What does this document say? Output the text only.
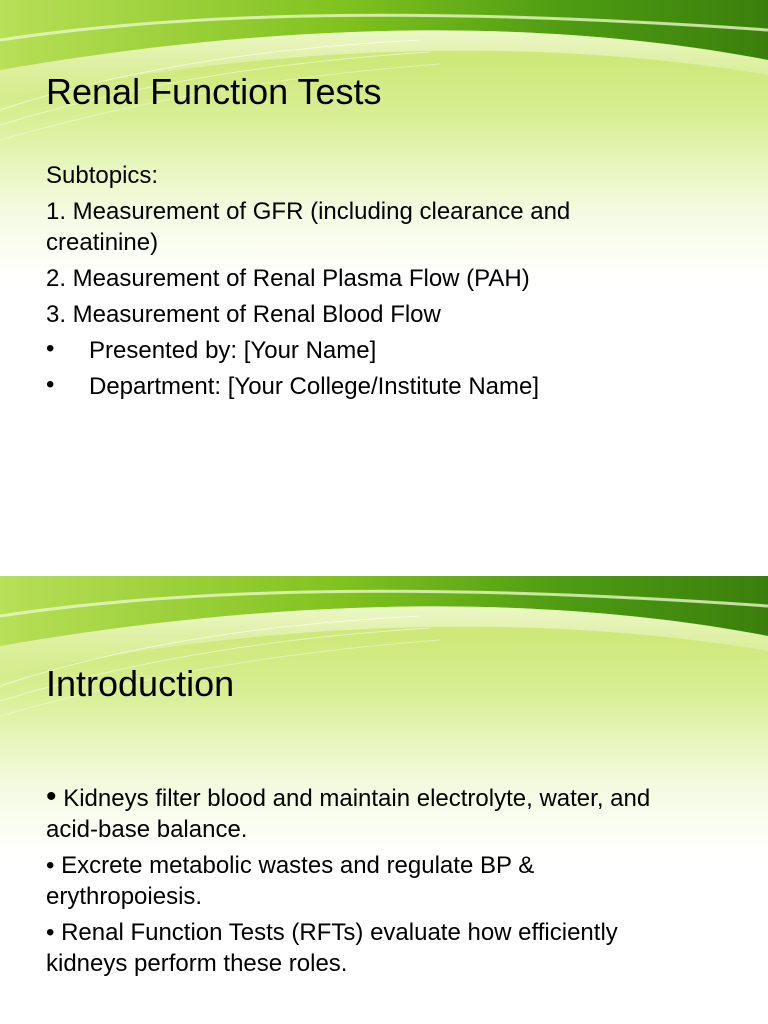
Renal Function Tests

Subtopics:

1. Measurement of GFR (including clearance and creatinine)

2. Measurement of Renal Plasma Flow (PAH)

3. Measurement of Renal Blood Flow

• Presented by: [Your Name]

• Department: [Your College/Institute Name]

Introduction

• Kidneys filter blood and maintain electrolyte, water, and acid-base balance.

• Excrete metabolic wastes and regulate BP & erythropoiesis.

• Renal Function Tests (RFTs) evaluate how efficiently kidneys perform these roles.
